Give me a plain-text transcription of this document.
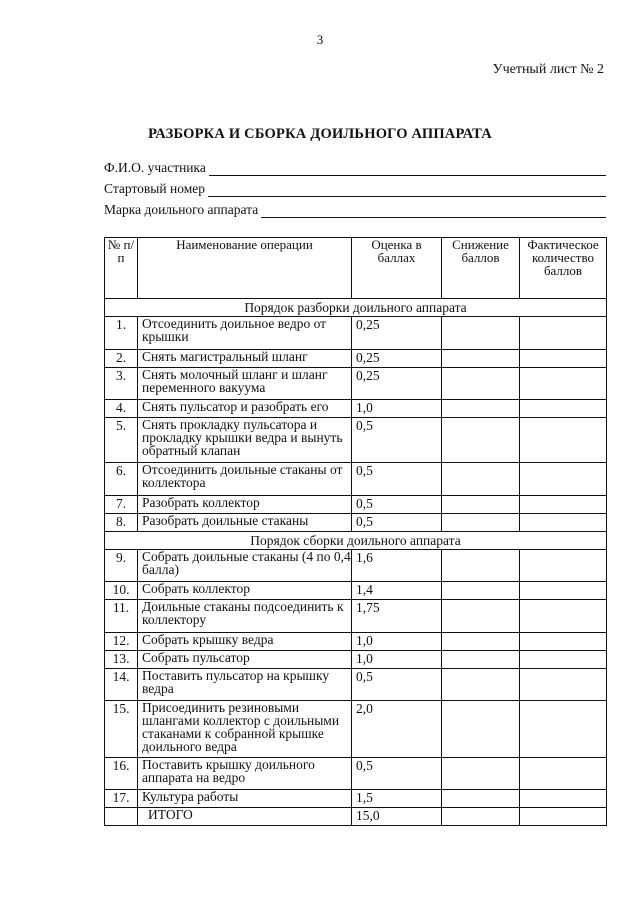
3
Учетный лист № 2
РАЗБОРКА И СБОРКА ДОИЛЬНОГО АППАРАТА
Ф.И.О. участника
Стартовый номер
Марка доильного аппарата
№ п/п	Наименование операции	Оценка в баллах	Снижение баллов	Фактическое количество баллов
Порядок разборки доильного аппарата				
1.	Отсоединить доильное ведро от крышки	0,25		
2.	Снять магистральный шланг	0,25		
3.	Снять молочный шланг и шланг переменного вакуума	0,25		
4.	Снять пульсатор и разобрать его	1,0		
5.	Снять прокладку пульсатора и прокладку крышки ведра и вынуть обратный клапан	0,5		
6.	Отсоединить доильные стаканы от коллектора	0,5		
7.	Разобрать коллектор	0,5		
8.	Разобрать доильные стаканы	0,5		
Порядок сборки доильного аппарата				
9.	Собрать доильные стаканы (4 по 0,4 балла)	1,6		
10.	Собрать коллектор	1,4		
11.	Доильные стаканы подсоединить к коллектору	1,75		
12.	Собрать крышку ведра	1,0		
13.	Собрать пульсатор	1,0		
14.	Поставить пульсатор на крышку ведра	0,5		
15.	Присоединить резиновыми шлангами коллектор с доильными стаканами к собранной крышке доильного ведра	2,0		
16.	Поставить крышку доильного аппарата на ведро	0,5		
17.	Культура работы	1,5		
	ИТОГО	15,0		
